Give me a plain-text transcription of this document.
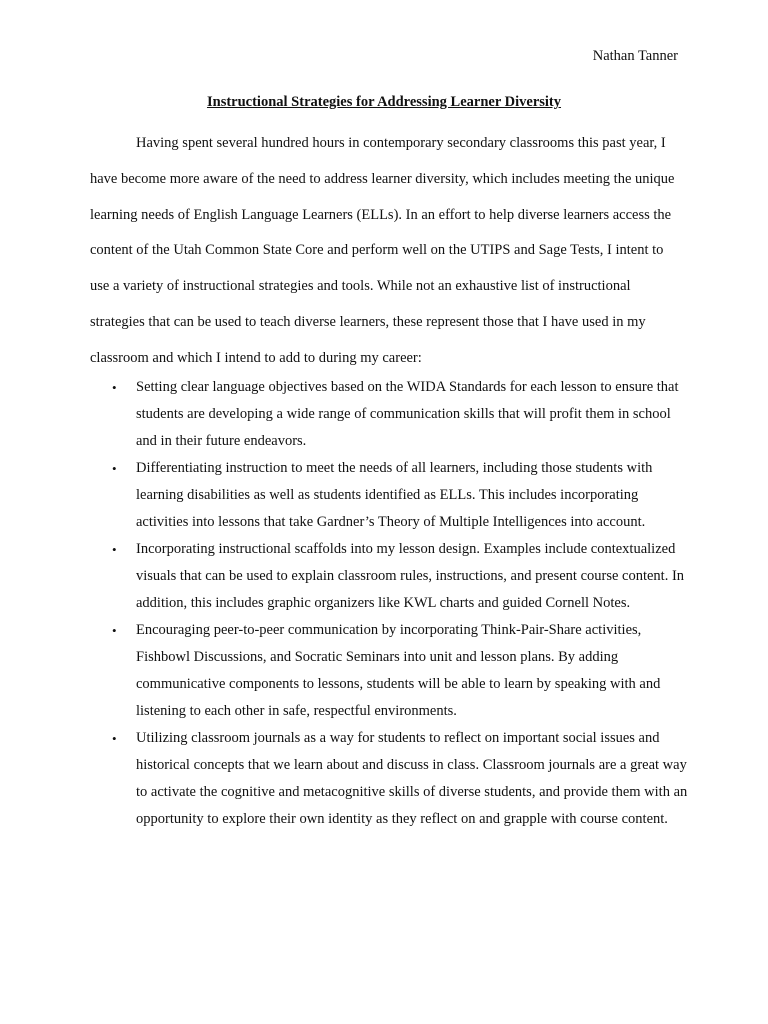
Nathan Tanner
Instructional Strategies for Addressing Learner Diversity

Having spent several hundred hours in contemporary secondary classrooms this past year, I have become more aware of the need to address learner diversity, which includes meeting the unique learning needs of English Language Learners (ELLs). In an effort to help diverse learners access the content of the Utah Common State Core and perform well on the UTIPS and Sage Tests, I intent to use a variety of instructional strategies and tools. While not an exhaustive list of instructional strategies that can be used to teach diverse learners, these represent those that I have used in my classroom and which I intend to add to during my career:

• Setting clear language objectives based on the WIDA Standards for each lesson to ensure that students are developing a wide range of communication skills that will profit them in school and in their future endeavors.
• Differentiating instruction to meet the needs of all learners, including those students with learning disabilities as well as students identified as ELLs. This includes incorporating activities into lessons that take Gardner’s Theory of Multiple Intelligences into account.
• Incorporating instructional scaffolds into my lesson design. Examples include contextualized visuals that can be used to explain classroom rules, instructions, and present course content. In addition, this includes graphic organizers like KWL charts and guided Cornell Notes.
• Encouraging peer-to-peer communication by incorporating Think-Pair-Share activities, Fishbowl Discussions, and Socratic Seminars into unit and lesson plans. By adding communicative components to lessons, students will be able to learn by speaking with and listening to each other in safe, respectful environments.
• Utilizing classroom journals as a way for students to reflect on important social issues and historical concepts that we learn about and discuss in class. Classroom journals are a great way to activate the cognitive and metacognitive skills of diverse students, and provide them with an opportunity to explore their own identity as they reflect on and grapple with course content.
